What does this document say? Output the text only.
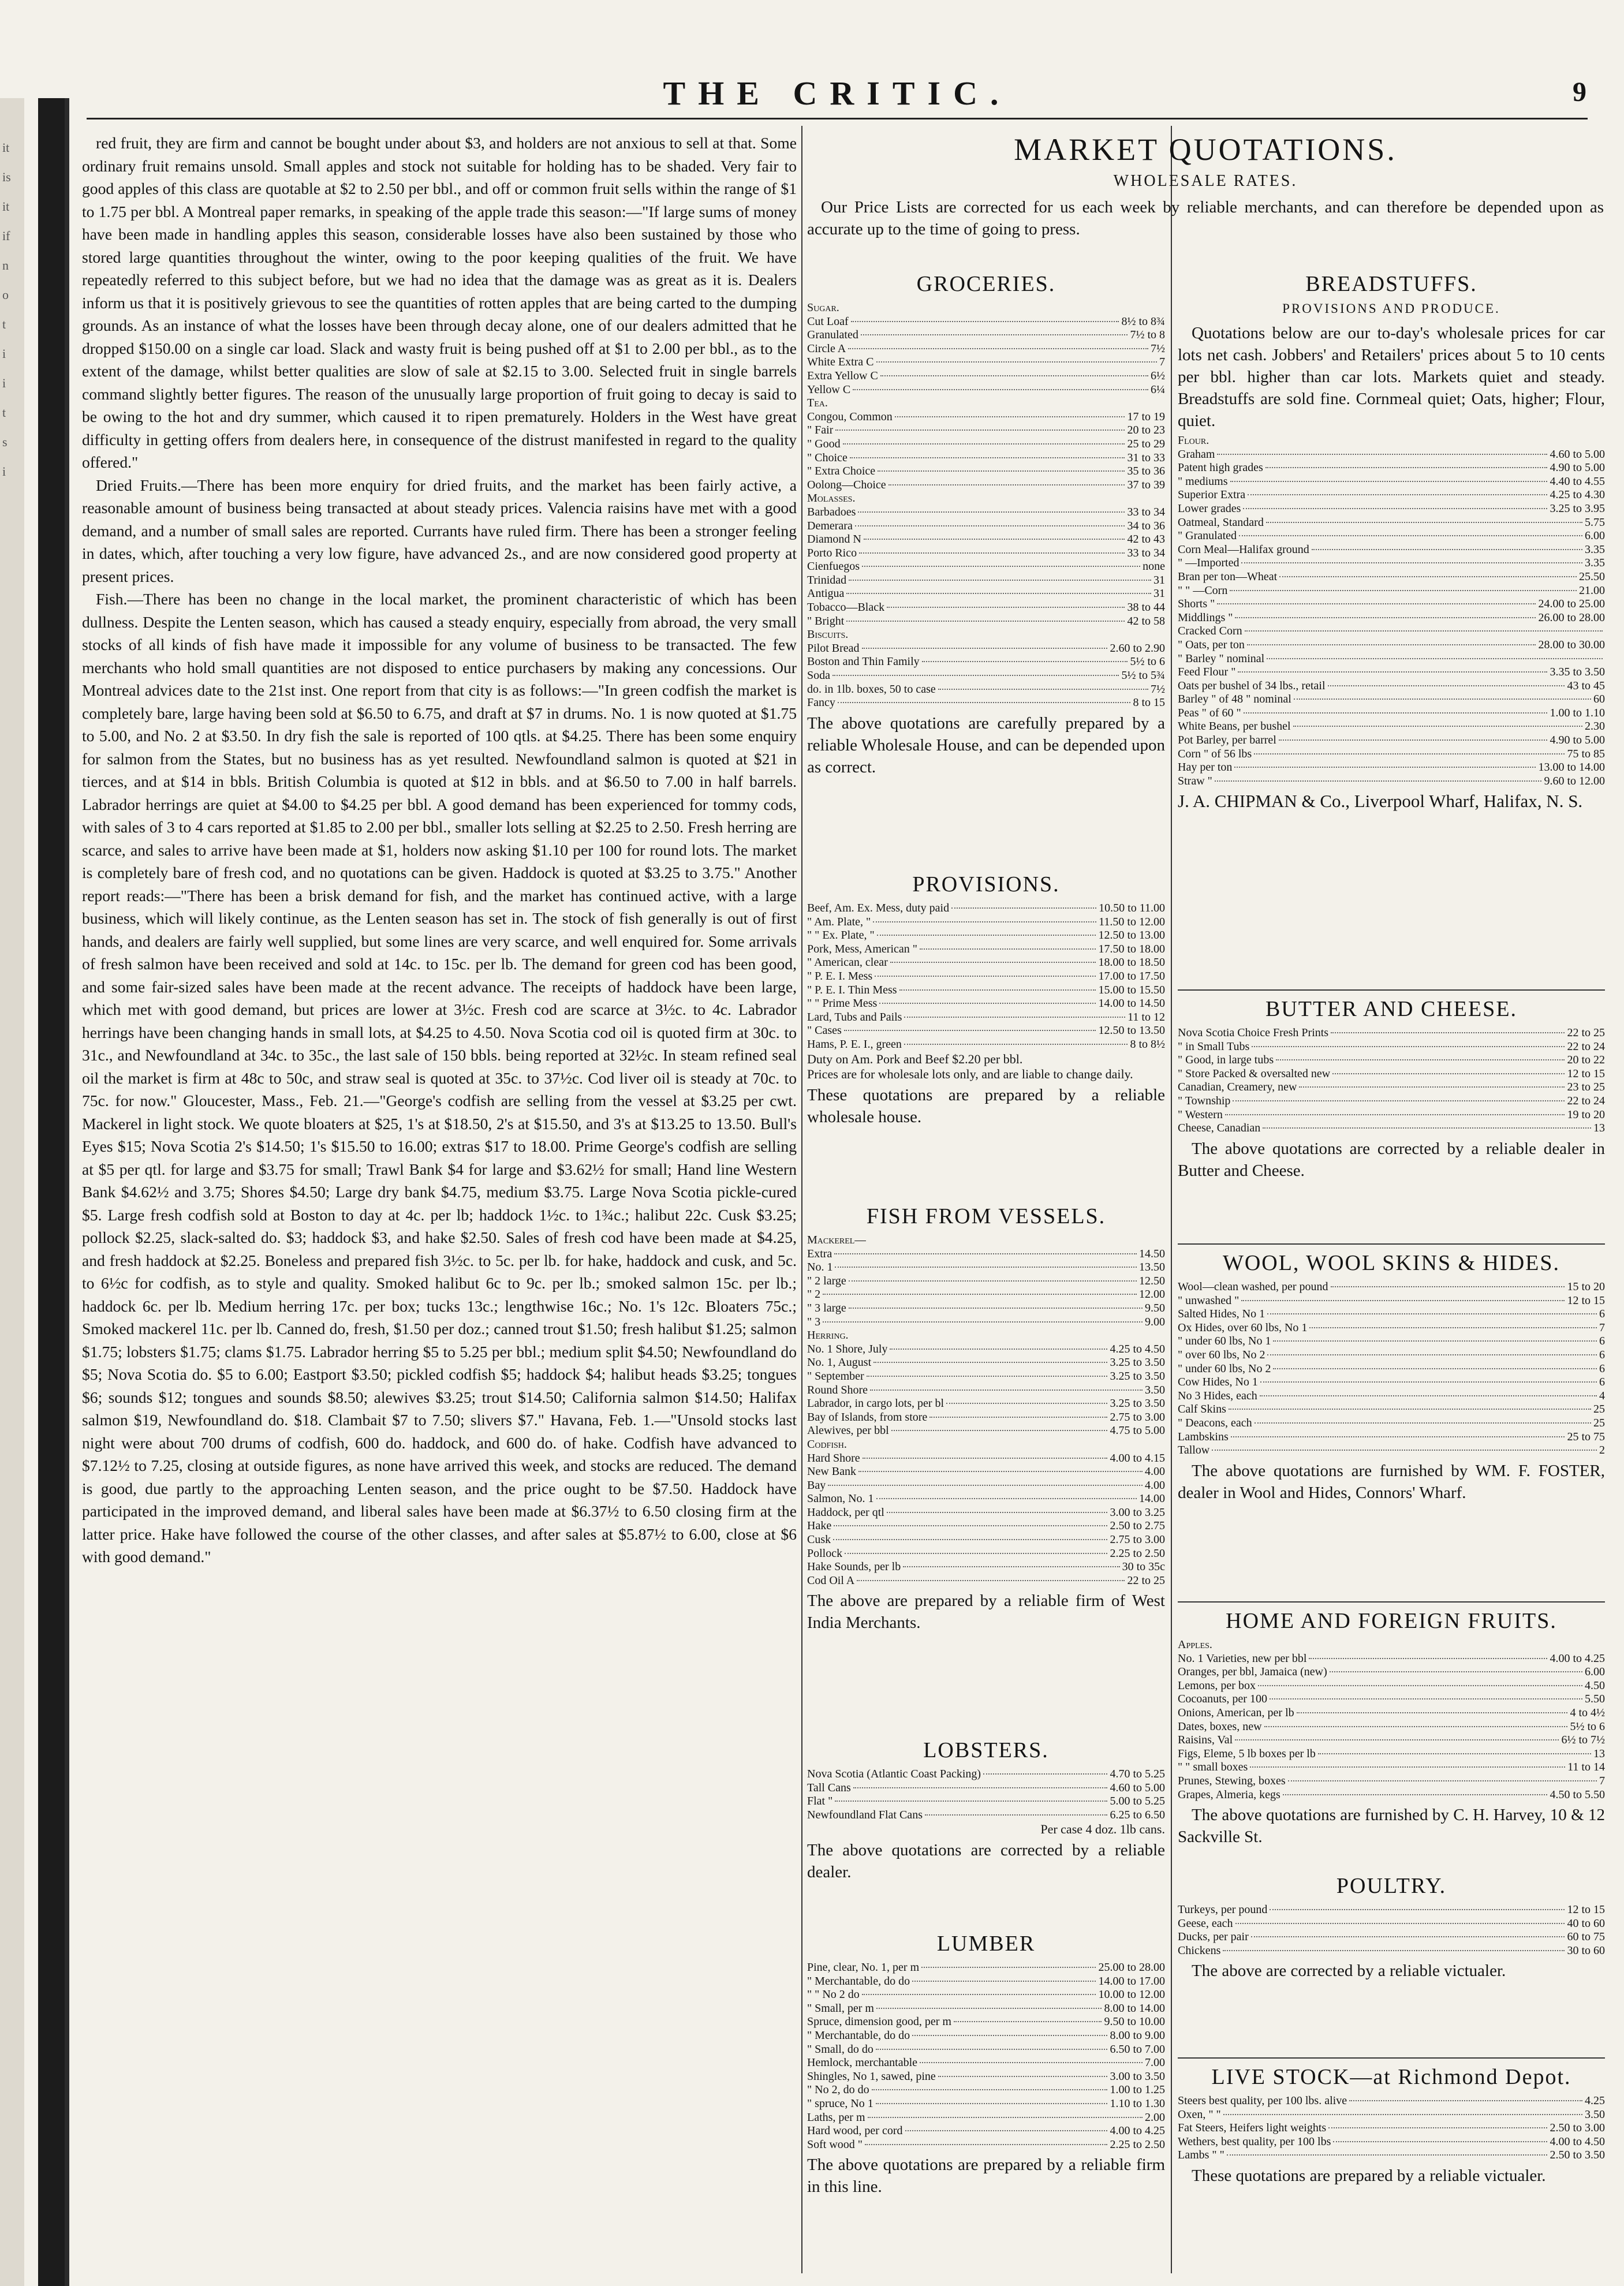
it
is
it
if
n
o
t
i
i
t
s
i
THE CRITIC.	9

red fruit, they are firm and cannot be bought under about $3, and holders are not anxious to sell at that. Some ordinary fruit remains unsold. Small apples and stock not suitable for holding has to be shaded. Very fair to good apples of this class are quotable at $2 to 2.50 per bbl., and off or common fruit sells within the range of $1 to 1.75 per bbl. A Montreal paper remarks, in speaking of the apple trade this season:—"If large sums of money have been made in handling apples this season, considerable losses have also been sustained by those who stored large quantities throughout the winter, owing to the poor keeping qualities of the fruit. We have repeatedly referred to this subject before, but we had no idea that the damage was as great as it is. Dealers inform us that it is positively grievous to see the quantities of rotten apples that are being carted to the dumping grounds. As an instance of what the losses have been through decay alone, one of our dealers admitted that he dropped $150.00 on a single car load. Slack and wasty fruit is being pushed off at $1 to 2.00 per bbl., as to the extent of the damage, whilst better qualities are slow of sale at $2.15 to 3.00. Selected fruit in single barrels command slightly better figures. The reason of the unusually large proportion of fruit going to decay is said to be owing to the hot and dry summer, which caused it to ripen prematurely. Holders in the West have great difficulty in getting offers from dealers here, in consequence of the distrust manifested in regard to the quality offered."

Dried Fruits.—There has been more enquiry for dried fruits, and the market has been fairly active, a reasonable amount of business being transacted at about steady prices. Valencia raisins have met with a good demand, and a number of small sales are reported. Currants have ruled firm. There has been a stronger feeling in dates, which, after touching a very low figure, have advanced 2s., and are now considered good property at present prices.

Fish.—There has been no change in the local market, the prominent characteristic of which has been dullness. Despite the Lenten season, which has caused a steady enquiry, especially from abroad, the very small stocks of all kinds of fish have made it impossible for any volume of business to be transacted. The few merchants who hold small quantities are not disposed to entice purchasers by making any concessions. Our Montreal advices date to the 21st inst. One report from that city is as follows:—"In green codfish the market is completely bare, large having been sold at $6.50 to 6.75, and draft at $7 in drums. No. 1 is now quoted at $1.75 to 5.00, and No. 2 at $3.50. In dry fish the sale is reported of 100 qtls. at $4.25. There has been some enquiry for salmon from the States, but no business has as yet resulted. Newfoundland salmon is quoted at $21 in tierces, and at $14 in bbls. British Columbia is quoted at $12 in bbls. and at $6.50 to 7.00 in half barrels. Labrador herrings are quiet at $4.00 to $4.25 per bbl. A good demand has been experienced for tommy cods, with sales of 3 to 4 cars reported at $1.85 to 2.00 per bbl., smaller lots selling at $2.25 to 2.50. Fresh herring are scarce, and sales to arrive have been made at $1, holders now asking $1.10 per 100 for round lots. The market is completely bare of fresh cod, and no quotations can be given. Haddock is quoted at $3.25 to 3.75." Another report reads:—"There has been a brisk demand for fish, and the market has continued active, with a large business, which will likely continue, as the Lenten season has set in. The stock of fish generally is out of first hands, and dealers are fairly well supplied, but some lines are very scarce, and well enquired for. Some arrivals of fresh salmon have been received and sold at 14c. to 15c. per lb. The demand for green cod has been good, and some fair-sized sales have been made at the recent advance. The receipts of haddock have been large, which met with good demand, but prices are lower at 3½c. Fresh cod are scarce at 3½c. to 4c. Labrador herrings have been changing hands in small lots, at $4.25 to 4.50. Nova Scotia cod oil is quoted firm at 30c. to 31c., and Newfoundland at 34c. to 35c., the last sale of 150 bbls. being reported at 32½c. In steam refined seal oil the market is firm at 48c to 50c, and straw seal is quoted at 35c. to 37½c. Cod liver oil is steady at 70c. to 75c. for now." Gloucester, Mass., Feb. 21.—"George's codfish are selling from the vessel at $3.25 per cwt. Mackerel in light stock. We quote bloaters at $25, 1's at $18.50, 2's at $15.50, and 3's at $13.25 to 13.50. Bull's Eyes $15; Nova Scotia 2's $14.50; 1's $15.50 to 16.00; extras $17 to 18.00. Prime George's codfish are selling at $5 per qtl. for large and $3.75 for small; Trawl Bank $4 for large and $3.62½ for small; Hand line Western Bank $4.62½ and 3.75; Shores $4.50; Large dry bank $4.75, medium $3.75. Large Nova Scotia pickle-cured $5. Large fresh codfish sold at Boston to day at 4c. per lb; haddock 1½c. to 1¾c.; halibut 22c. Cusk $3.25; pollock $2.25, slack-salted do. $3; haddock $3, and hake $2.50. Sales of fresh cod have been made at $4.25, and fresh haddock at $2.25. Boneless and prepared fish 3½c. to 5c. per lb. for hake, haddock and cusk, and 5c. to 6½c for codfish, as to style and quality. Smoked halibut 6c to 9c. per lb.; smoked salmon 15c. per lb.; haddock 6c. per lb. Medium herring 17c. per box; tucks 13c.; lengthwise 16c.; No. 1's 12c. Bloaters 75c.; Smoked mackerel 11c. per lb. Canned do, fresh, $1.50 per doz.; canned trout $1.50; fresh halibut $1.25; salmon $1.75; lobsters $1.75; clams $1.75. Labrador herring $5 to 5.25 per bbl.; medium split $4.50; Newfoundland do $5; Nova Scotia do. $5 to 6.00; Eastport $3.50; pickled codfish $5; haddock $4; halibut heads $3.25; tongues $6; sounds $12; tongues and sounds $8.50; alewives $3.25; trout $14.50; California salmon $14.50; Halifax salmon $19, Newfoundland do. $18. Clambait $7 to 7.50; slivers $7." Havana, Feb. 1.—"Unsold stocks last night were about 700 drums of codfish, 600 do. haddock, and 600 do. of hake. Codfish have advanced to $7.12½ to 7.25, closing at outside figures, as none have arrived this week, and stocks are reduced. The demand is good, due partly to the approaching Lenten season, and the price ought to be $7.50. Haddock have participated in the improved demand, and liberal sales have been made at $6.37½ to 6.50 closing firm at the latter price. Hake have followed the course of the other classes, and after sales at $5.87½ to 6.00, close at $6 with good demand."

MARKET QUOTATIONS.
WHOLESALE RATES.
Our Price Lists are corrected for us each week by reliable merchants, and can therefore be depended upon as accurate up to the time of going to press.
GROCERIES.
Sugar.
Cut Loaf	8½ to 8¾
Granulated	7½ to 8
Circle A	7½
White Extra C	7
Extra Yellow C	6½
Yellow C	6¼
Tea.
Congou, Common	17 to 19
" Fair	20 to 23
" Good	25 to 29
" Choice	31 to 33
" Extra Choice	35 to 36
Oolong—Choice	37 to 39
Molasses.
Barbadoes	33 to 34
Demerara	34 to 36
Diamond N	42 to 43
Porto Rico	33 to 34
Cienfuegos	none
Trinidad	31
Antigua	31
Tobacco—Black	38 to 44
" Bright	42 to 58
Biscuits.
Pilot Bread	2.60 to 2.90
Boston and Thin Family	5½ to 6
Soda	5½ to 5¾
do. in 1lb. boxes, 50 to case	7½
Fancy	8 to 15
The above quotations are carefully prepared by a reliable Wholesale House, and can be depended upon as correct.
PROVISIONS.
Beef, Am. Ex. Mess, duty paid	10.50 to 11.00
" Am. Plate, "	11.50 to 12.00
" " Ex. Plate, "	12.50 to 13.00
Pork, Mess, American "	17.50 to 18.00
" American, clear	18.00 to 18.50
" P. E. I. Mess	17.00 to 17.50
" P. E. I. Thin Mess	15.00 to 15.50
" " Prime Mess	14.00 to 14.50
Lard, Tubs and Pails	11 to 12
" Cases	12.50 to 13.50
Hams, P. E. I., green	8 to 8½
Duty on Am. Pork and Beef $2.20 per bbl.
Prices are for wholesale lots only, and are liable to change daily.
These quotations are prepared by a reliable wholesale house.
FISH FROM VESSELS.
Mackerel—
Extra	14.50
No. 1	13.50
" 2 large	12.50
" 2	12.00
" 3 large	9.50
" 3	9.00
Herring.
No. 1 Shore, July	4.25 to 4.50
No. 1, August	3.25 to 3.50
" September	3.25 to 3.50
Round Shore	3.50
Labrador, in cargo lots, per bl	3.25 to 3.50
Bay of Islands, from store	2.75 to 3.00
Alewives, per bbl	4.75 to 5.00
Codfish.
Hard Shore	4.00 to 4.15
New Bank	4.00
Bay	4.00
Salmon, No. 1	14.00
Haddock, per qtl	3.00 to 3.25
Hake	2.50 to 2.75
Cusk	2.75 to 3.00
Pollock	2.25 to 2.50
Hake Sounds, per lb	30 to 35c
Cod Oil A	22 to 25
The above are prepared by a reliable firm of West India Merchants.
LOBSTERS.
Nova Scotia (Atlantic Coast Packing)	4.70 to 5.25
Tall Cans	4.60 to 5.00
Flat "	5.00 to 5.25
Newfoundland Flat Cans	6.25 to 6.50
Per case 4 doz. 1lb cans.
The above quotations are corrected by a reliable dealer.
LUMBER
Pine, clear, No. 1, per m	25.00 to 28.00
" Merchantable, do do	14.00 to 17.00
" " No 2 do	10.00 to 12.00
" Small, per m	8.00 to 14.00
Spruce, dimension good, per m	9.50 to 10.00
" Merchantable, do do	8.00 to 9.00
" Small, do do	6.50 to 7.00
Hemlock, merchantable	7.00
Shingles, No 1, sawed, pine	3.00 to 3.50
" No 2, do do	1.00 to 1.25
" spruce, No 1	1.10 to 1.30
Laths, per m	2.00
Hard wood, per cord	4.00 to 4.25
Soft wood "	2.25 to 2.50
The above quotations are prepared by a reliable firm in this line.
BREADSTUFFS.
PROVISIONS AND PRODUCE.
Quotations below are our to-day's wholesale prices for car lots net cash. Jobbers' and Retailers' prices about 5 to 10 cents per bbl. higher than car lots. Markets quiet and steady. Breadstuffs are sold fine. Cornmeal quiet; Oats, higher; Flour, quiet.
Flour.
Graham	4.60 to 5.00
Patent high grades	4.90 to 5.00
" mediums	4.40 to 4.55
Superior Extra	4.25 to 4.30
Lower grades	3.25 to 3.95
Oatmeal, Standard	5.75
" Granulated	6.00
Corn Meal—Halifax ground	3.35
" —Imported	3.35
Bran per ton—Wheat	25.50
" " —Corn	21.00
Shorts "	24.00 to 25.00
Middlings "	26.00 to 28.00
Cracked Corn
" Oats, per ton	28.00 to 30.00
" Barley " nominal
Feed Flour "	3.35 to 3.50
Oats per bushel of 34 lbs., retail	43 to 45
Barley " of 48 " nominal	60
Peas " of 60 "	1.00 to 1.10
White Beans, per bushel	2.30
Pot Barley, per barrel	4.90 to 5.00
Corn " of 56 lbs	75 to 85
Hay per ton	13.00 to 14.00
Straw "	9.60 to 12.00
J. A. CHIPMAN & Co., Liverpool Wharf, Halifax, N. S.
BUTTER AND CHEESE.
Nova Scotia Choice Fresh Prints	22 to 25
" in Small Tubs	22 to 24
" Good, in large tubs	20 to 22
" Store Packed & oversalted new	12 to 15
Canadian, Creamery, new	23 to 25
" Township	22 to 24
" Western	19 to 20
Cheese, Canadian	13
The above quotations are corrected by a reliable dealer in Butter and Cheese.
WOOL, WOOL SKINS & HIDES.
Wool—clean washed, per pound	15 to 20
" unwashed "	12 to 15
Salted Hides, No 1	6
Ox Hides, over 60 lbs, No 1	7
" under 60 lbs, No 1	6
" over 60 lbs, No 2	6
" under 60 lbs, No 2	6
Cow Hides, No 1	6
No 3 Hides, each	4
Calf Skins	25
" Deacons, each	25
Lambskins	25 to 75
Tallow	2
The above quotations are furnished by WM. F. FOSTER, dealer in Wool and Hides, Connors' Wharf.
HOME AND FOREIGN FRUITS.
Apples.
No. 1 Varieties, new per bbl	4.00 to 4.25
Oranges, per bbl, Jamaica (new)	6.00
Lemons, per box	4.50
Cocoanuts, per 100	5.50
Onions, American, per lb	4 to 4½
Dates, boxes, new	5½ to 6
Raisins, Val	6½ to 7½
Figs, Eleme, 5 lb boxes per lb	13
" " small boxes	11 to 14
Prunes, Stewing, boxes	7
Grapes, Almeria, kegs	4.50 to 5.50
The above quotations are furnished by C. H. Harvey, 10 & 12 Sackville St.
POULTRY.
Turkeys, per pound	12 to 15
Geese, each	40 to 60
Ducks, per pair	60 to 75
Chickens	30 to 60
The above are corrected by a reliable victualer.
LIVE STOCK—at Richmond Depot.
Steers best quality, per 100 lbs. alive	4.25
Oxen, " "	3.50
Fat Steers, Heifers light weights	2.50 to 3.00
Wethers, best quality, per 100 lbs	4.00 to 4.50
Lambs " "	2.50 to 3.50
These quotations are prepared by a reliable victualer.
